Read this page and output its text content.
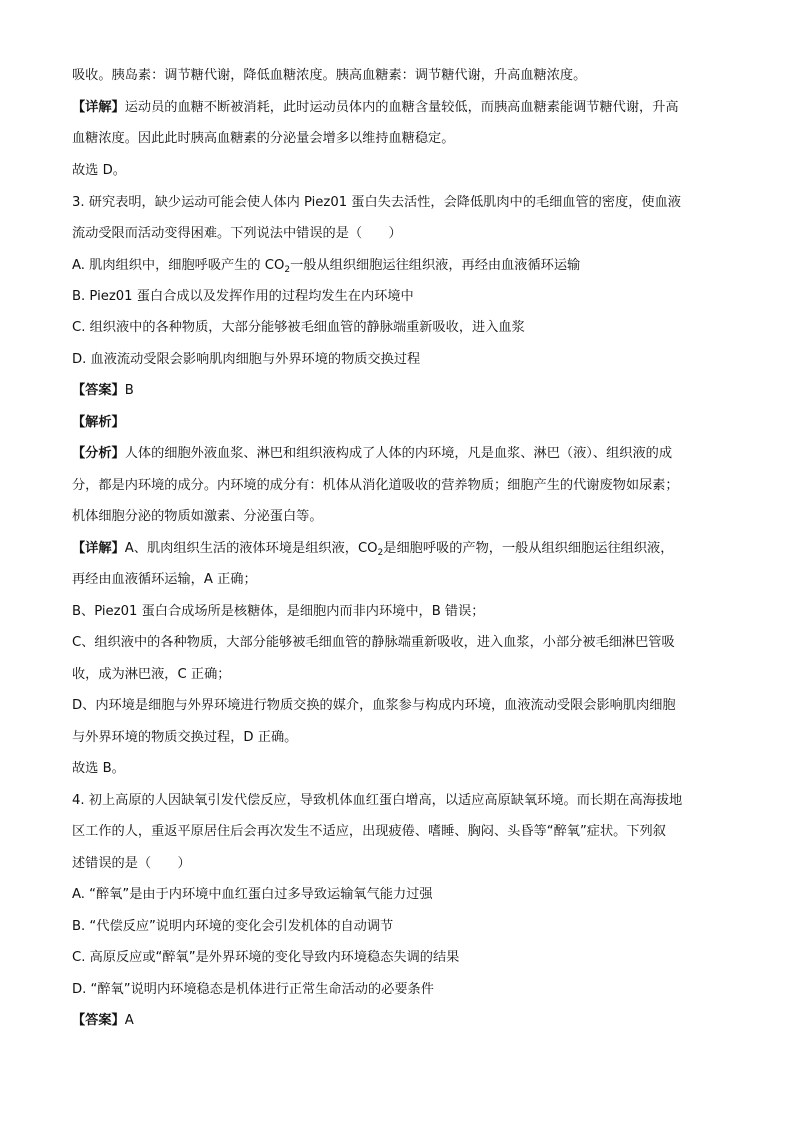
吸收。胰岛素：调节糖代谢，降低血糖浓度。胰高血糖素：调节糖代谢，升高血糖浓度。
【详解】运动员的血糖不断被消耗，此时运动员体内的血糖含量较低，而胰高血糖素能调节糖代谢，升高
血糖浓度。因此此时胰高血糖素的分泌量会增多以维持血糖稳定。
故选 D。
3. 研究表明，缺少运动可能会使人体内 Piez01 蛋白失去活性，会降低肌肉中的毛细血管的密度，使血液
流动受限而活动变得困难。下列说法中错误的是（　　）
A. 肌肉组织中，细胞呼吸产生的 $CO_2$一般从组织细胞运往组织液，再经由血液循环运输
B. Piez01 蛋白合成以及发挥作用的过程均发生在内环境中
C. 组织液中的各种物质，大部分能够被毛细血管的静脉端重新吸收，进入血浆
D. 血液流动受限会影响肌肉细胞与外界环境的物质交换过程
【答案】B
【解析】
【分析】人体的细胞外液血浆、淋巴和组织液构成了人体的内环境，凡是血浆、淋巴（液）、组织液的成
分，都是内环境的成分。内环境的成分有：机体从消化道吸收的营养物质；细胞产生的代谢废物如尿素；
机体细胞分泌的物质如激素、分泌蛋白等。
【详解】A、肌肉组织生活的液体环境是组织液，$CO_2$是细胞呼吸的产物，一般从组织细胞运往组织液，
再经由血液循环运输，A 正确；
B、Piez01 蛋白合成场所是核糖体，是细胞内而非内环境中，B 错误；
C、组织液中的各种物质，大部分能够被毛细血管的静脉端重新吸收，进入血浆，小部分被毛细淋巴管吸
收，成为淋巴液，C 正确；
D、内环境是细胞与外界环境进行物质交换的媒介，血浆参与构成内环境，血液流动受限会影响肌肉细胞
与外界环境的物质交换过程，D 正确。
故选 B。
4. 初上高原的人因缺氧引发代偿反应，导致机体血红蛋白增高，以适应高原缺氧环境。而长期在高海拔地
区工作的人，重返平原居住后会再次发生不适应，出现疲倦、嗜睡、胸闷、头昏等“醉氧”症状。下列叙
述错误的是（　　）
A. “醉氧”是由于内环境中血红蛋白过多导致运输氧气能力过强
B. “代偿反应”说明内环境的变化会引发机体的自动调节
C. 高原反应或“醉氧”是外界环境的变化导致内环境稳态失调的结果
D. “醉氧”说明内环境稳态是机体进行正常生命活动的必要条件
【答案】A
